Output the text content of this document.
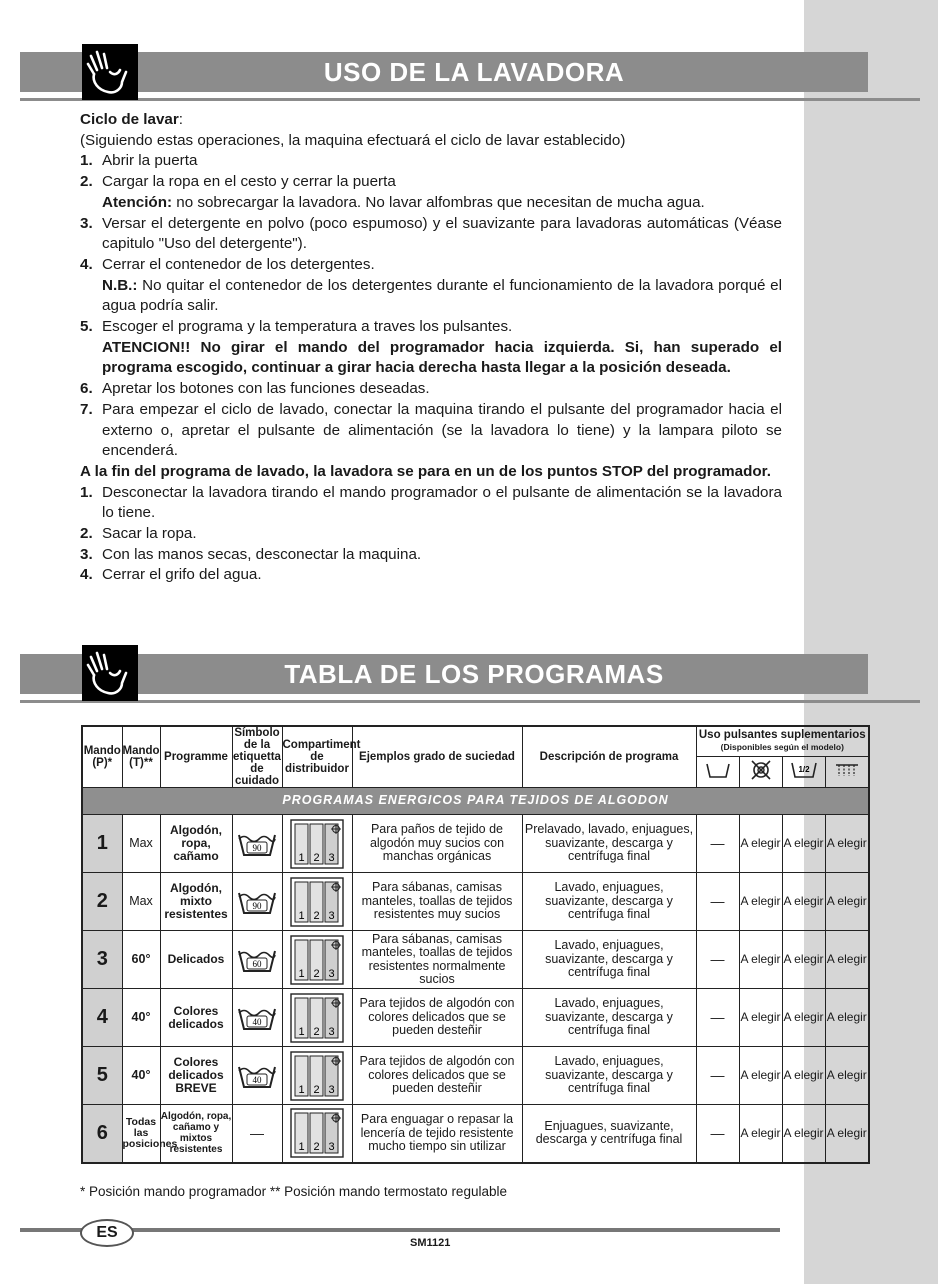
USO DE LA LAVADORA

Ciclo de lavar:

(Siguiendo estas operaciones, la maquina efectuará el ciclo de lavar establecido)

1. Abrir la puerta
2. Cargar la ropa en el cesto y cerrar la puerta
Atención: no sobrecargar la lavadora. No lavar alfombras que necesitan de mucha agua.
3. Versar el detergente en polvo (poco espumoso) y el suavizante para lavadoras automáticas (Véase capitulo "Uso del detergente").
4. Cerrar el contenedor de los detergentes.
N.B.: No quitar el contenedor de los detergentes durante el funcionamiento de la lavadora porqué el agua podría salir.
5. Escoger el programa y la temperatura a traves los pulsantes.
ATENCION!! No girar el mando del programador hacia izquierda. Si, han superado el programa escogido, continuar a girar hacia derecha hasta llegar a la posición deseada.
6. Apretar los botones con las funciones deseadas.
7. Para empezar el ciclo de lavado, conectar la maquina tirando el pulsante del programador hacia el externo o, apretar el pulsante de alimentación (se la lavadora lo tiene) y la lampara piloto se encenderá.

A la fin del programa de lavado, la lavadora se para en un de los puntos STOP del programador.

1. Desconectar la lavadora tirando el mando programador o el pulsante de alimentación se la lavadora lo tiene.
2. Sacar la ropa.
3. Con las manos secas, desconectar la maquina.
4. Cerrar el grifo del agua.
TABLA DE LOS PROGRAMAS
Mando (P)*	Mando (T)**	Programme	Símbolo de la etiquetta de cuidado	Compartiment de distribuidor	Ejemplos grado de suciedad	Descripción de programa	Uso pulsantes suplementarios
(Disponibles según el modelo)			

1/2

PROGRAMAS ENERGICOS PARA TEJIDOS DE ALGODON										
1	Max	Algodón, ropa, cañamo	90	1 2 3	Para paños de tejido de algodón muy sucios con manchas orgánicas	Prelavado, lavado, enjuagues, suavizante, descarga y centrífuga final	—	A elegir	A elegir	A elegir
2	Max	Algodón, mixto resistentes	90	1 2 3	Para sábanas, camisas manteles, toallas de tejidos resistentes muy sucios	Lavado, enjuagues, suavizante, descarga y centrífuga final	—	A elegir	A elegir	A elegir
3	60°	Delicados	60	1 2 3	Para sábanas, camisas manteles, toallas de tejidos resistentes normalmente sucios	Lavado, enjuagues, suavizante, descarga y centrífuga final	—	A elegir	A elegir	A elegir
4	40°	Colores delicados	40	1 2 3	Para tejidos de algodón con colores delicados que se pueden desteñir	Lavado, enjuagues, suavizante, descarga y centrífuga final	—	A elegir	A elegir	A elegir
5	40°	Colores delicados BREVE	40	1 2 3	Para tejidos de algodón con colores delicados que se pueden desteñir	Lavado, enjuagues, suavizante, descarga y centrífuga final	—	A elegir	A elegir	A elegir
6	Todas las posiciones	Algodón, ropa, cañamo y mixtos resistentes	—	1 2 3	Para enguagar o repasar la lencería de tejido resistente mucho tiempo sin utilizar	Enjuagues, suavizante, descarga y centrífuga final	—	A elegir	A elegir	A elegir
* Posición mando programador ** Posición mando termostato regulable
ES
SM1121
